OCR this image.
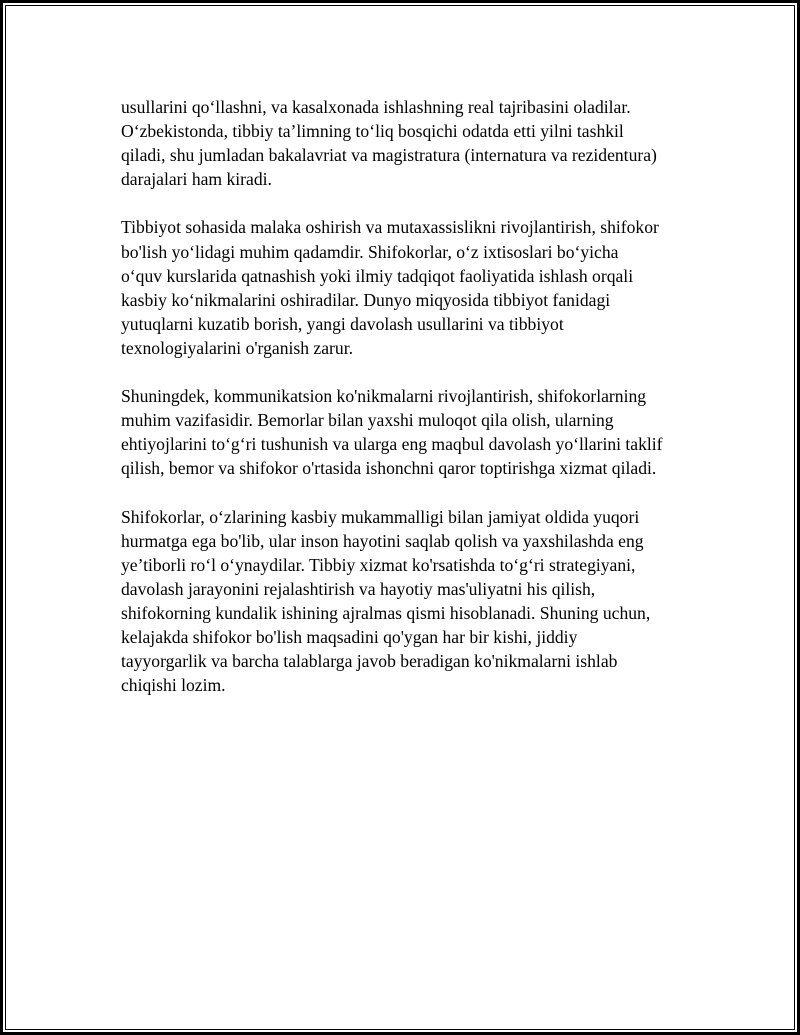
usullarini qo‘llashni, va kasalxonada ishlashning real tajribasini oladilar.
O‘zbekistonda, tibbiy ta’limning to‘liq bosqichi odatda etti yilni tashkil
qiladi, shu jumladan bakalavriat va magistratura (internatura va rezidentura)
darajalari ham kiradi.

Tibbiyot sohasida malaka oshirish va mutaxassislikni rivojlantirish, shifokor
bo'lish yo‘lidagi muhim qadamdir. Shifokorlar, o‘z ixtisoslari bo‘yicha
o‘quv kurslarida qatnashish yoki ilmiy tadqiqot faoliyatida ishlash orqali
kasbiy ko‘nikmalarini oshiradilar. Dunyo miqyosida tibbiyot fanidagi
yutuqlarni kuzatib borish, yangi davolash usullarini va tibbiyot
texnologiyalarini o'rganish zarur.

Shuningdek, kommunikatsion ko'nikmalarni rivojlantirish, shifokorlarning
muhim vazifasidir. Bemorlar bilan yaxshi muloqot qila olish, ularning
ehtiyojlarini to‘g‘ri tushunish va ularga eng maqbul davolash yo‘llarini taklif
qilish, bemor va shifokor o'rtasida ishonchni qaror toptirishga xizmat qiladi.

Shifokorlar, o‘zlarining kasbiy mukammalligi bilan jamiyat oldida yuqori
hurmatga ega bo'lib, ular inson hayotini saqlab qolish va yaxshilashda eng
ye’tiborli ro‘l o‘ynaydilar. Tibbiy xizmat ko'rsatishda to‘g‘ri strategiyani,
davolash jarayonini rejalashtirish va hayotiy mas'uliyatni his qilish,
shifokorning kundalik ishining ajralmas qismi hisoblanadi. Shuning uchun,
kelajakda shifokor bo'lish maqsadini qo'ygan har bir kishi, jiddiy
tayyorgarlik va barcha talablarga javob beradigan ko'nikmalarni ishlab
chiqishi lozim.
